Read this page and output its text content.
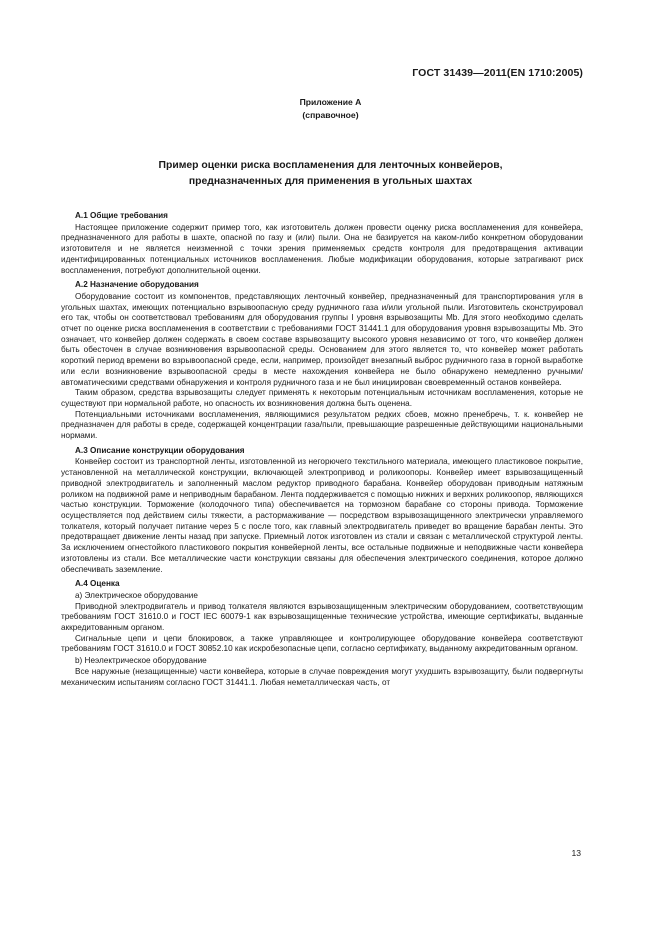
ГОСТ 31439—2011(EN 1710:2005)
Приложение А
(справочное)
Пример оценки риска воспламенения для ленточных конвейеров,
предназначенных для применения в угольных шахтах
А.1 Общие требования

Настоящее приложение содержит пример того, как изготовитель должен провести оценку риска воспламенения для конвейера, предназначенного для работы в шахте, опасной по газу и (или) пыли. Она не базируется на каком-либо конкретном оборудовании изготовителя и не является неизменной с точки зрения применяемых средств контроля для предотвращения активации идентифицированных потенциальных источников воспламенения. Любые модификации оборудования, которые затрагивают риск воспламенения, потребуют дополнительной оценки.

А.2 Назначение оборудования

Оборудование состоит из компонентов, представляющих ленточный конвейер, предназначенный для транспортирования угля в угольных шахтах, имеющих потенциально взрывоопасную среду рудничного газа и/или угольной пыли. Изготовитель сконструировал его так, чтобы он соответствовал требованиям для оборудования группы I уровня взрывозащиты Mb. Для этого необходимо сделать отчет по оценке риска воспламенения в соответствии с требованиями ГОСТ 31441.1 для оборудования уровня взрывозащиты Mb. Это означает, что конвейер должен содержать в своем составе взрывозащиту высокого уровня независимо от того, что конвейер должен быть обесточен в случае возникновения взрывоопасной среды. Основанием для этого является то, что конвейер может работать короткий период времени во взрывоопасной среде, если, например, произойдет внезапный выброс рудничного газа в горной выработке или если возникновение взрывоопасной среды в месте нахождения конвейера не было обнаружено немедленно ручными/автоматическими средствами обнаружения и контроля рудничного газа и не был инициирован своевременный останов конвейера.

Таким образом, средства взрывозащиты следует применять к некоторым потенциальным источникам воспламенения, которые не существуют при нормальной работе, но опасность их возникновения должна быть оценена.

Потенциальными источниками воспламенения, являющимися результатом редких сбоев, можно пренебречь, т. к. конвейер не предназначен для работы в среде, содержащей концентрации газа/пыли, превышающие разрешенные действующими национальными нормами.

А.3 Описание конструкции оборудования

Конвейер состоит из транспортной ленты, изготовленной из негорючего текстильного материала, имеющего пластиковое покрытие, установленной на металлической конструкции, включающей электропривод и роликоопоры. Конвейер имеет взрывозащищенный приводной электродвигатель и заполненный маслом редуктор приводного барабана. Конвейер оборудован приводным натяжным роликом на подвижной раме и неприводным барабаном. Лента поддерживается с помощью нижних и верхних роликоопор, являющихся частью конструкции. Торможение (колодочного типа) обеспечивается на тормозном барабане со стороны привода. Торможение осуществляется под действием силы тяжести, а растормаживание — посредством взрывозащищенного электрически управляемого толкателя, который получает питание через 5 с после того, как главный электродвигатель приведет во вращение барабан ленты. Это предотвращает движение ленты назад при запуске. Приемный лоток изготовлен из стали и связан с металлической структурой ленты. За исключением огнестойкого пластикового покрытия конвейерной ленты, все остальные подвижные и неподвижные части конвейера изготовлены из стали. Все металлические части конструкции связаны для обеспечения электрического соединения, которое должно обеспечивать заземление.

А.4 Оценка

a) Электрическое оборудование

Приводной электродвигатель и привод толкателя являются взрывозащищенным электрическим оборудованием, соответствующим требованиям ГОСТ 31610.0 и ГОСТ IEC 60079-1 как взрывозащищенные технические устройства, имеющие сертификаты, выданные аккредитованным органом.

Сигнальные цепи и цепи блокировок, а также управляющее и контролирующее оборудование конвейера соответствуют требованиям ГОСТ 31610.0 и ГОСТ 30852.10 как искробезопасные цепи, согласно сертификату, выданному аккредитованным органом.

b) Неэлектрическое оборудование

Все наружные (незащищенные) части конвейера, которые в случае повреждения могут ухудшить взрывозащиту, были подвергнуты механическим испытаниям согласно ГОСТ 31441.1. Любая неметаллическая часть, от

13
